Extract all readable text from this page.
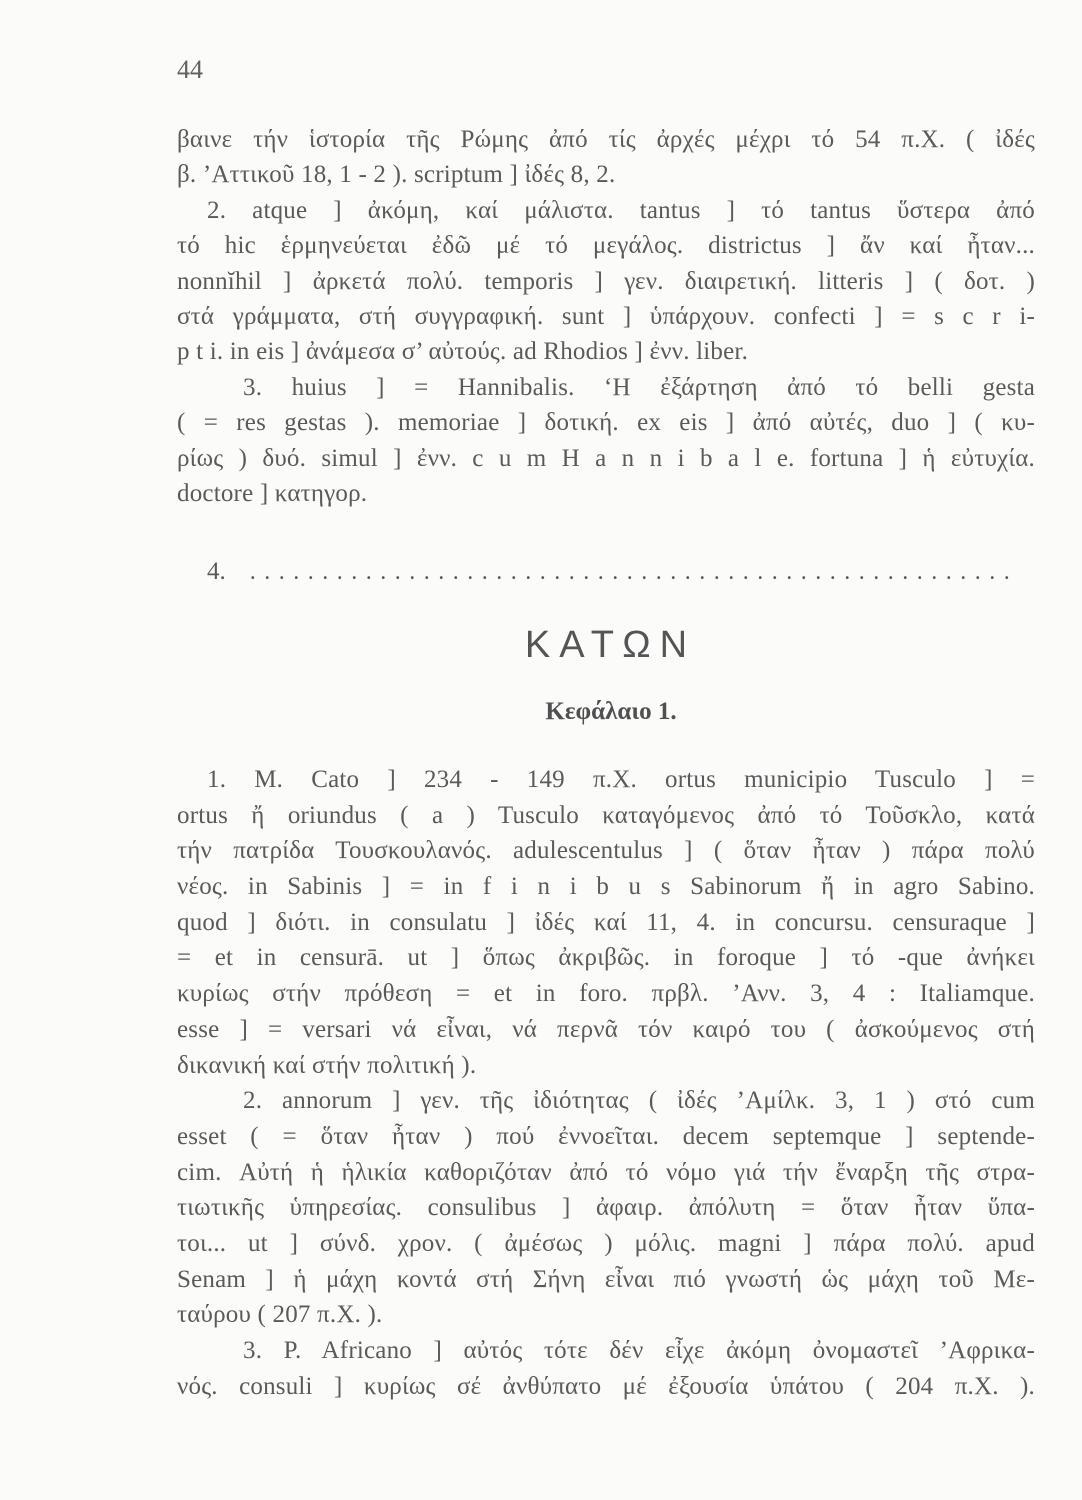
44
βαινε τήν ἱστορία τῆς Ρώμης ἀπό τίς ἀρχές μέχρι τό 54 π.Χ. ( ἰδές
β. ’Αττικοῦ 18, 1 - 2 ). scriptum ] ἰδές 8, 2.
2. atque ] ἀκόμη, καί μάλιστα. tantus ] τό tantus ὕστερα ἀπό
τό hic ἑρμηνεύεται ἐδῶ μέ τό μεγάλος. districtus ] ἄν καί ἦταν...
nonnĭhil ] ἀρκετά πολύ. temporis ] γεν. διαιρετική. litteris ] ( δοτ. )
στά γράμματα, στή συγγραφική. sunt ] ὑπάρχουν. confecti ] = s c r i-
p t i. in eis ] ἀνάμεσα σ’ αὐτούς. ad Rhodios ] ἐνν. liber.
3. huius ] = Hannibalis. ‘Η ἐξάρτηση ἀπό τό belli gesta
( = res gestas ). memoriae ] δοτική. ex eis ] ἀπό αὐτές, duo ] ( κυ-
ρίως ) δυό. simul ] ἐνν. c u m H a n n i b a l e. fortuna ] ἡ εὐτυχία.
doctore ] κατηγορ.
4. .....................................................
ΚΑΤΩΝ
Κεφάλαιο 1.
1. M. Cato ] 234 - 149 π.Χ. ortus municipio Tusculo ] =
ortus ἤ oriundus ( a ) Tusculo καταγόμενος ἀπό τό Τοῦσκλο, κατά
τήν πατρίδα Τουσκουλανός. adulescentulus ] ( ὅταν ἦταν ) πάρα πολύ
νέος. in Sabinis ] = in f i n i b u s Sabinorum ἤ in agro Sabino.
quod ] διότι. in consulatu ] ἰδές καί 11, 4. in concursu. censuraque ]
= et in censurā. ut ] ὅπως ἀκριβῶς. in foroque ] τό -que ἀνήκει
κυρίως στήν πρόθεση = et in foro. πρβλ. ’Ανν. 3, 4 : Italiamque.
esse ] = versari νά εἶναι, νά περνᾶ τόν καιρό του ( ἀσκούμενος στή
δικανική καί στήν πολιτική ).
2. annorum ] γεν. τῆς ἰδιότητας ( ἰδές ’Αμίλκ. 3, 1 ) στό cum
esset ( = ὅταν ἦταν ) πού ἐννοεῖται. decem septemque ] septende-
cim. Αὐτή ἡ ἡλικία καθοριζόταν ἀπό τό νόμο γιά τήν ἔναρξη τῆς στρα-
τιωτικῆς ὑπηρεσίας. consulibus ] ἀφαιρ. ἀπόλυτη = ὅταν ἦταν ὕπα-
τοι... ut ] σύνδ. χρον. ( ἀμέσως ) μόλις. magni ] πάρα πολύ. apud
Senam ] ἡ μάχη κοντά στή Σήνη εἶναι πιό γνωστή ὡς μάχη τοῦ Με-
ταύρου ( 207 π.Χ. ).
3. P. Africano ] αὐτός τότε δέν εἶχε ἀκόμη ὀνομαστεῖ ’Αφρικα-
νός. consuli ] κυρίως σέ ἀνθύπατο μέ ἐξουσία ὑπάτου ( 204 π.Χ. ).
